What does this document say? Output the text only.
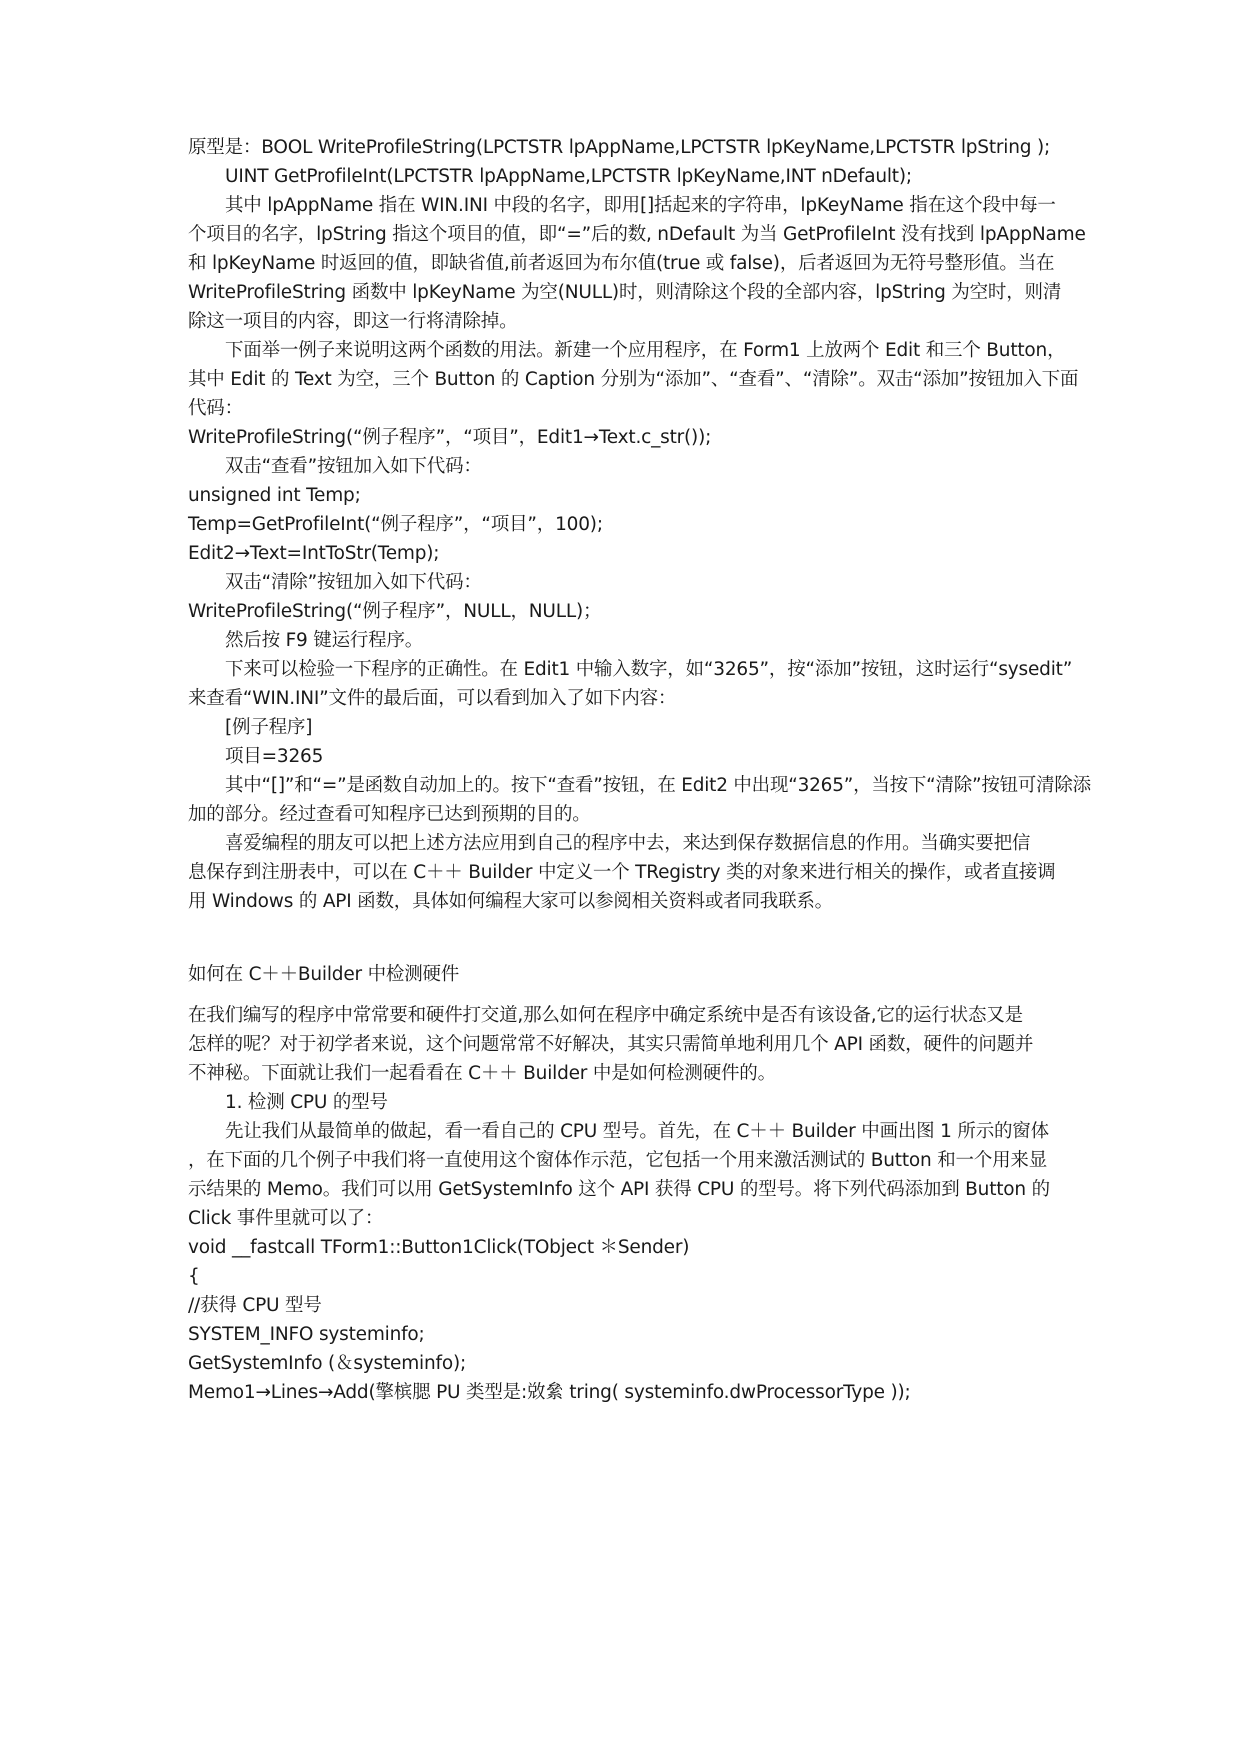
原型是：BOOL WriteProfileString(LPCTSTR lpAppName,LPCTSTR lpKeyName,LPCTSTR lpString );
UINT GetProfileInt(LPCTSTR lpAppName,LPCTSTR lpKeyName,INT nDefault);
其中 lpAppName 指在 WIN.INI 中段的名字，即用[]括起来的字符串，lpKeyName 指在这个段中每一
个项目的名字，lpString 指这个项目的值，即“=”后的数, nDefault 为当 GetProfileInt 没有找到 lpAppName
和 lpKeyName 时返回的值，即缺省值,前者返回为布尔值(true 或 false)，后者返回为无符号整形值。当在
WriteProfileString 函数中 lpKeyName 为空(NULL)时，则清除这个段的全部内容，lpString 为空时，则清
除这一项目的内容，即这一行将清除掉。
下面举一例子来说明这两个函数的用法。新建一个应用程序，在 Form1 上放两个 Edit 和三个 Button，
其中 Edit 的 Text 为空，三个 Button 的 Caption 分别为“添加”、“查看”、“清除”。双击“添加”按钮加入下面
代码：
WriteProfileString(“例子程序”，“项目”，Edit1→Text.c_str());
双击“查看”按钮加入如下代码：
unsigned int Temp;
Temp=GetProfileInt(“例子程序”，“项目”，100);
Edit2→Text=IntToStr(Temp);
双击“清除”按钮加入如下代码：
WriteProfileString(“例子程序”，NULL，NULL)；
然后按 F9 键运行程序。
下来可以检验一下程序的正确性。在 Edit1 中输入数字，如“3265”，按“添加”按钮，这时运行“sysedit”
来查看“WIN.INI”文件的最后面，可以看到加入了如下内容：
[例子程序]
项目=3265
其中“[]”和“=”是函数自动加上的。按下“查看”按钮，在 Edit2 中出现“3265”，当按下“清除”按钮可清除添
加的部分。经过查看可知程序已达到预期的目的。
喜爱编程的朋友可以把上述方法应用到自己的程序中去，来达到保存数据信息的作用。当确实要把信
息保存到注册表中，可以在 C＋＋ Builder 中定义一个 TRegistry 类的对象来进行相关的操作，或者直接调
用 Windows 的 API 函数，具体如何编程大家可以参阅相关资料或者同我联系。
如何在 C＋＋Builder 中检测硬件
在我们编写的程序中常常要和硬件打交道,那么如何在程序中确定系统中是否有该设备,它的运行状态又是
怎样的呢？对于初学者来说，这个问题常常不好解决，其实只需简单地利用几个 API 函数，硬件的问题并
不神秘。下面就让我们一起看看在 C＋＋ Builder 中是如何检测硬件的。
1. 检测 CPU 的型号
先让我们从最简单的做起，看一看自己的 CPU 型号。首先，在 C＋＋ Builder 中画出图 1 所示的窗体
，在下面的几个例子中我们将一直使用这个窗体作示范，它包括一个用来激活测试的 Button 和一个用来显
示结果的 Memo。我们可以用 GetSystemInfo 这个 API 获得 CPU 的型号。将下列代码添加到 Button 的
Click 事件里就可以了：
void __fastcall TForm1::Button1Click(TObject ＊Sender)
{
//获得 CPU 型号
SYSTEM_INFO systeminfo;
GetSystemInfo (＆systeminfo);
Memo1→Lines→Add(擎槟腮 PU 类型是:敚絫 tring( systeminfo.dwProcessorType ));
